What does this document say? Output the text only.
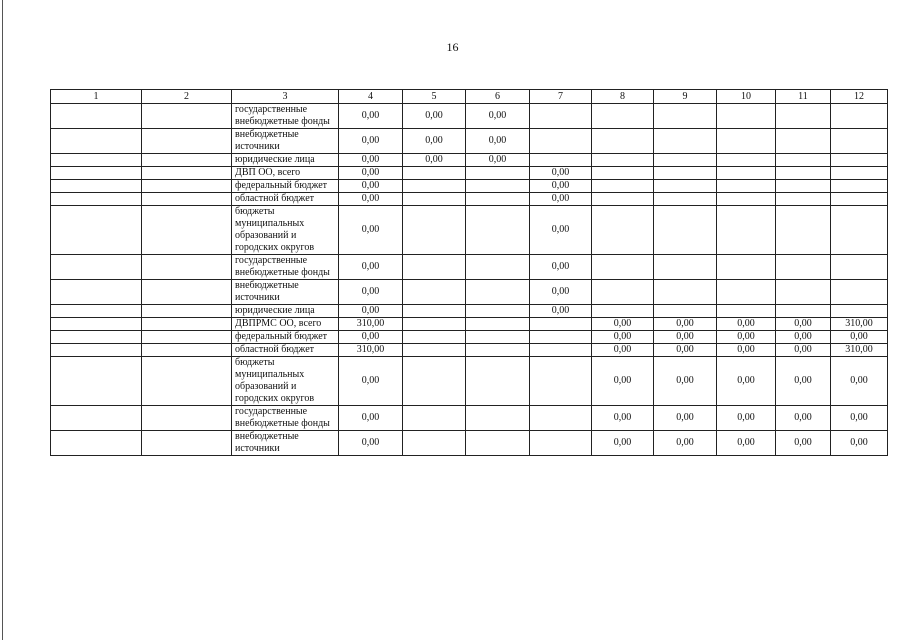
16
1	2	3	4	5	6	7	8	9	10	11	12
		государственные внебюджетные фонды	0,00	0,00	0,00						
		внебюджетные источники	0,00	0,00	0,00						
		юридические лица	0,00	0,00	0,00						
		ДВП ОО, всего	0,00			0,00					
		федеральный бюджет	0,00			0,00					
		областной бюджет	0,00			0,00					
		бюджеты муниципальных образований и городских округов	0,00			0,00					
		государственные внебюджетные фонды	0,00			0,00					
		внебюджетные источники	0,00			0,00					
		юридические лица	0,00			0,00					
		ДВПРМС ОО, всего	310,00				0,00	0,00	0,00	0,00	310,00
		федеральный бюджет	0,00				0,00	0,00	0,00	0,00	0,00
		областной бюджет	310,00				0,00	0,00	0,00	0,00	310,00
		бюджеты муниципальных образований и городских округов	0,00				0,00	0,00	0,00	0,00	0,00
		государственные внебюджетные фонды	0,00				0,00	0,00	0,00	0,00	0,00
		внебюджетные источники	0,00				0,00	0,00	0,00	0,00	0,00
